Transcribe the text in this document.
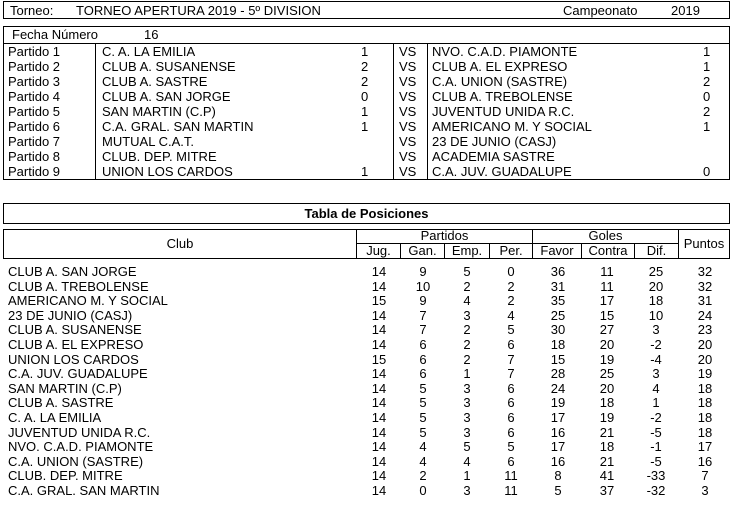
Torneo: TORNEO APERTURA 2019 - 5º DIVISION	Campeonato	2019
Fecha Número	16
Partido 1	C. A. LA EMILIA	1 VS NVO. C.A.D. PIAMONTE	1
Partido 2	CLUB A. SUSANENSE	2 VS CLUB A. EL EXPRESO	1
Partido 3	CLUB A. SASTRE	2 VS C.A. UNION (SASTRE)	2
Partido 4	CLUB A. SAN JORGE	0 VS CLUB A. TREBOLENSE	0
Partido 5	SAN MARTIN (C.P)	1 VS JUVENTUD UNIDA R.C.	2
Partido 6	C.A. GRAL. SAN MARTIN	1 VS AMERICANO M. Y SOCIAL	1
Partido 7	MUTUAL C.A.T.	VS 23 DE JUNIO (CASJ)
Partido 8	CLUB. DEP. MITRE	VS ACADEMIA SASTRE
Partido 9	UNION LOS CARDOS	1 VS C.A. JUV. GUADALUPE	0
Tabla de Posiciones
Club
Partidos	Goles
Puntos
Jug.	Gan.	Emp.	Per.	Favor	Contra	Dif.
CLUB A. SAN JORGE	14	9	5	0	36	11	25	32
CLUB A. TREBOLENSE	14	10	2	2	31	11	20	32
AMERICANO M. Y SOCIAL	15	9	4	2	35	17	18	31
23 DE JUNIO (CASJ)	14	7	3	4	25	15	10	24
CLUB A. SUSANENSE	14	7	2	5	30	27	3	23
CLUB A. EL EXPRESO	14	6	2	6	18	20	-2	20
UNION LOS CARDOS	15	6	2	7	15	19	-4	20
C.A. JUV. GUADALUPE	14	6	1	7	28	25	3	19
SAN MARTIN (C.P)	14	5	3	6	24	20	4	18
CLUB A. SASTRE	14	5	3	6	19	18	1	18
C. A. LA EMILIA	14	5	3	6	17	19	-2	18
JUVENTUD UNIDA R.C.	14	5	3	6	16	21	-5	18
NVO. C.A.D. PIAMONTE	14	4	5	5	17	18	-1	17
C.A. UNION (SASTRE)	14	4	4	6	16	21	-5	16
CLUB. DEP. MITRE	14	2	1	11	8	41	-33	7
C.A. GRAL. SAN MARTIN	14	0	3	11	5	37	-32	3
